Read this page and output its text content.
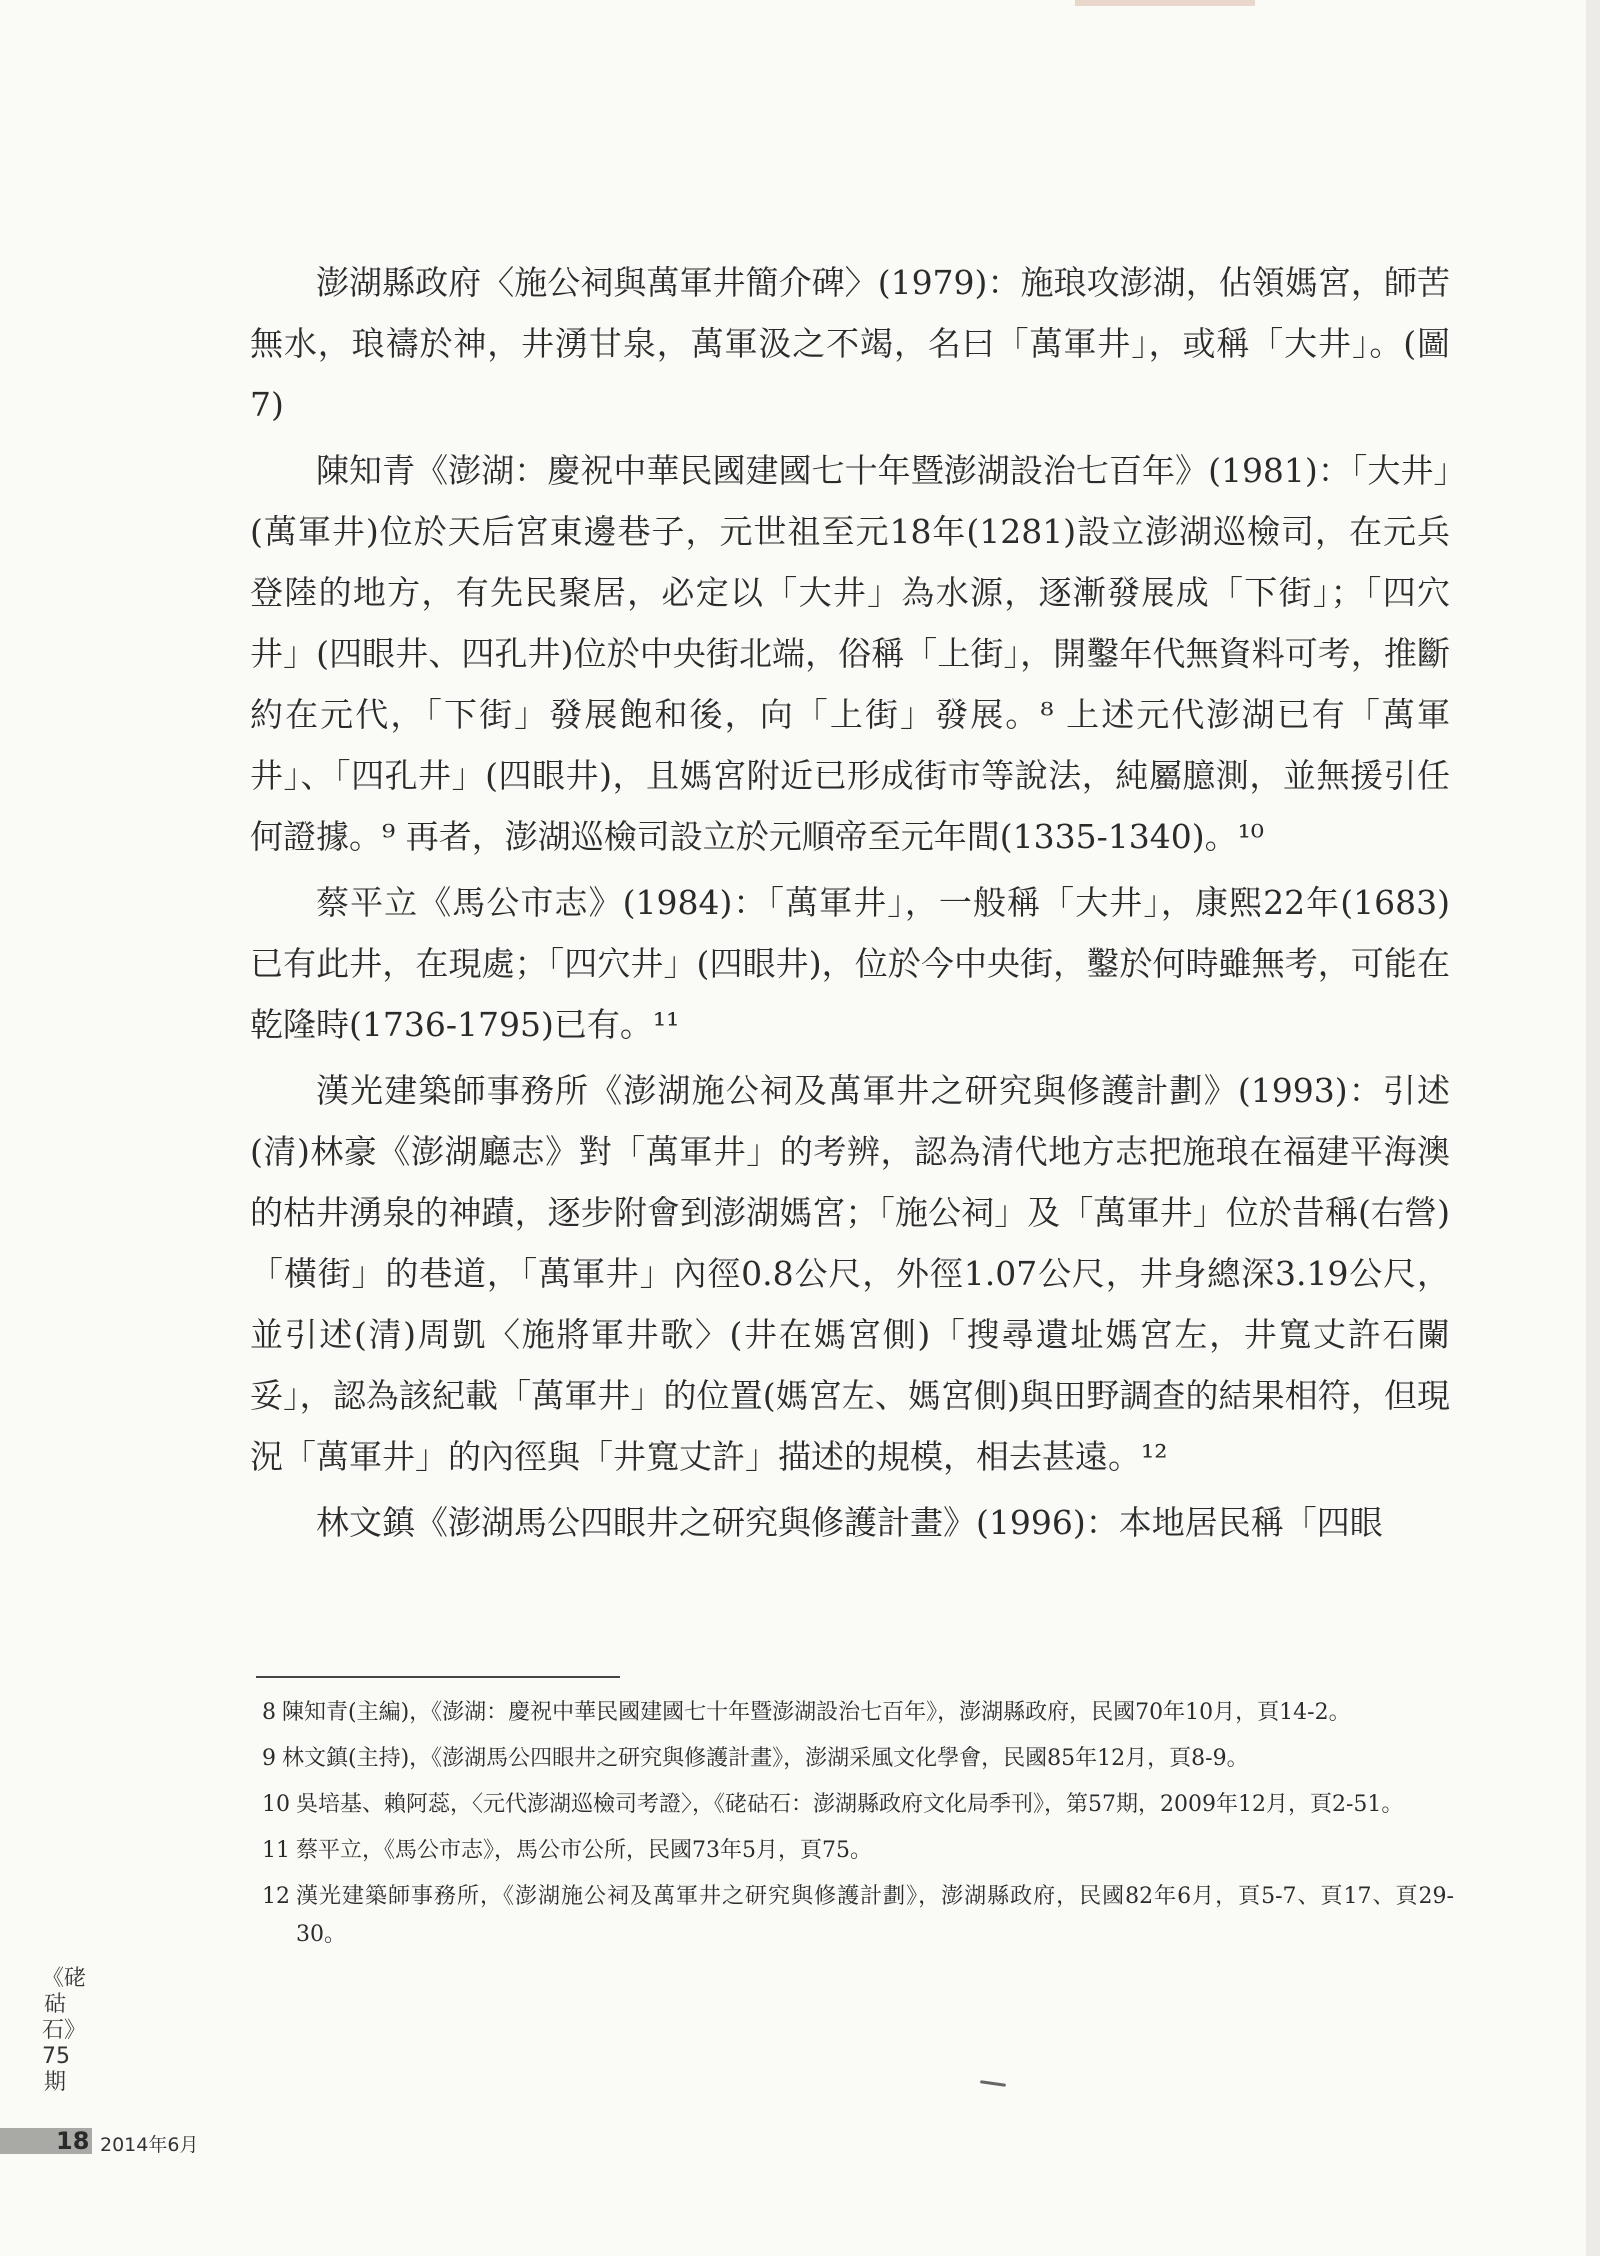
澎湖縣政府〈施公祠與萬軍井簡介碑〉(1979)：施琅攻澎湖，佔領媽宮，師苦無水，琅禱於神，井湧甘泉，萬軍汲之不竭，名曰「萬軍井」，或稱「大井」。(圖7)

陳知青《澎湖：慶祝中華民國建國七十年暨澎湖設治七百年》(1981)：「大井」(萬軍井)位於天后宮東邊巷子，元世祖至元18年(1281)設立澎湖巡檢司，在元兵登陸的地方，有先民聚居，必定以「大井」為水源，逐漸發展成「下街」；「四穴井」(四眼井、四孔井)位於中央街北端，俗稱「上街」，開鑿年代無資料可考，推斷約在元代，「下街」發展飽和後，向「上街」發展。⁸ 上述元代澎湖已有「萬軍井」、「四孔井」(四眼井)，且媽宮附近已形成街市等說法，純屬臆測，並無援引任何證據。⁹ 再者，澎湖巡檢司設立於元順帝至元年間(1335-1340)。¹⁰

蔡平立《馬公市志》(1984)：「萬軍井」，一般稱「大井」，康熙22年(1683)已有此井，在現處；「四穴井」(四眼井)，位於今中央街，鑿於何時雖無考，可能在乾隆時(1736-1795)已有。¹¹

漢光建築師事務所《澎湖施公祠及萬軍井之研究與修護計劃》(1993)：引述(清)林豪《澎湖廳志》對「萬軍井」的考辨，認為清代地方志把施琅在福建平海澳的枯井湧泉的神蹟，逐步附會到澎湖媽宮；「施公祠」及「萬軍井」位於昔稱(右營)「橫街」的巷道，「萬軍井」內徑0.8公尺，外徑1.07公尺，井身總深3.19公尺，並引述(清)周凱〈施將軍井歌〉(井在媽宮側)「搜尋遺址媽宮左，井寬丈許石闌妥」，認為該紀載「萬軍井」的位置(媽宮左、媽宮側)與田野調查的結果相符，但現況「萬軍井」的內徑與「井寬丈許」描述的規模，相去甚遠。¹²

林文鎮《澎湖馬公四眼井之研究與修護計畫》(1996)：本地居民稱「四眼

8 陳知青(主編)，《澎湖：慶祝中華民國建國七十年暨澎湖設治七百年》，澎湖縣政府，民國70年10月，頁14-2。
9 林文鎮(主持)，《澎湖馬公四眼井之研究與修護計畫》，澎湖采風文化學會，民國85年12月，頁8-9。
10 吳培基、賴阿蕊，〈元代澎湖巡檢司考證〉，《硓𥑮石：澎湖縣政府文化局季刊》，第57期，2009年12月，頁2-51。
11 蔡平立，《馬公市志》，馬公市公所，民國73年5月，頁75。
12 漢光建築師事務所，《澎湖施公祠及萬軍井之研究與修護計劃》，澎湖縣政府，民國82年6月，頁5-7、頁17、頁29-30。
《硓𥑮石》75期
18 2014年6月
